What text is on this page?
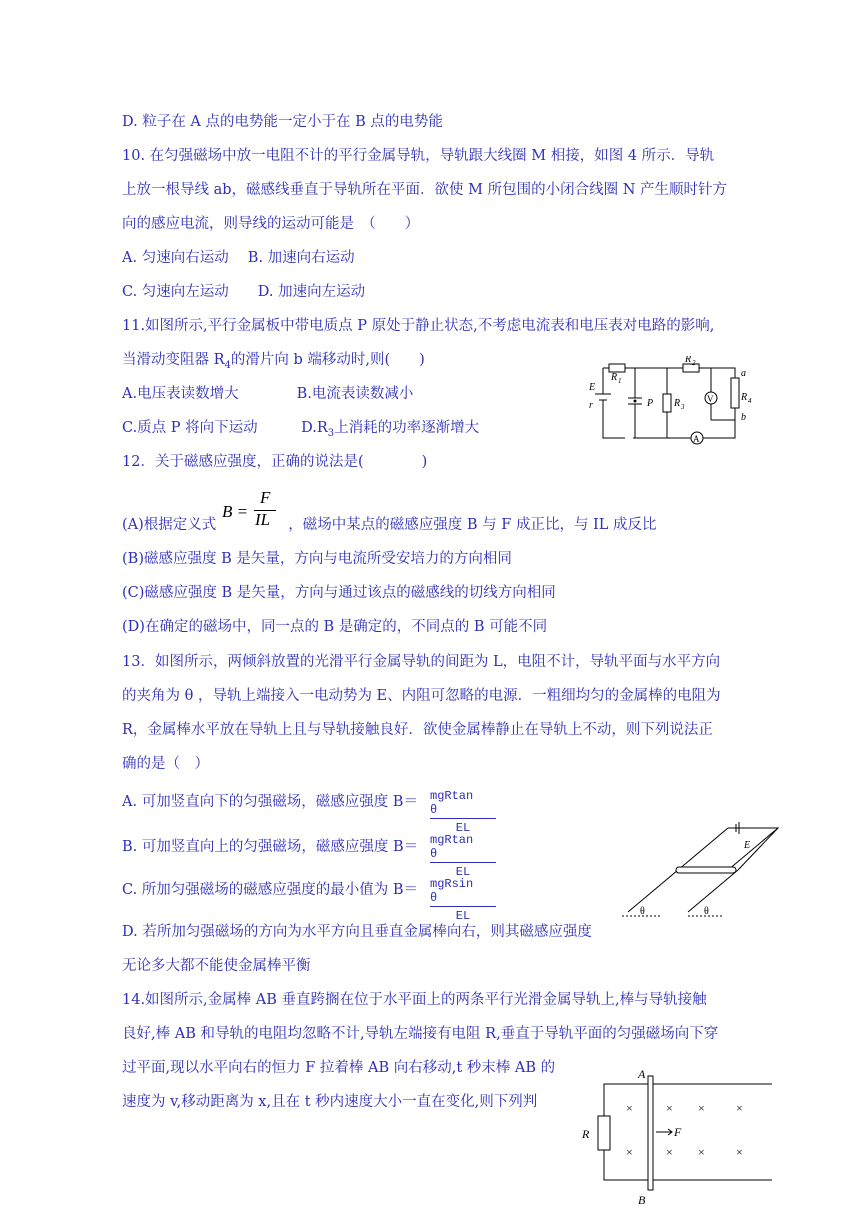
D. 粒子在 A 点的电势能一定小于在 B 点的电势能
10. 在匀强磁场中放一电阻不计的平行金属导轨，导轨跟大线圈 M 相接，如图 4 所示．导轨
上放一根导线 ab，磁感线垂直于导轨所在平面．欲使 M 所包围的小闭合线圈 N 产生顺时针方
向的感应电流，则导线的运动可能是　（　　）
A. 匀速向右运动　 B. 加速向右运动
C. 匀速向左运动　　D. 加速向左运动
11.如图所示,平行金属板中带电质点 P 原处于静止状态,不考虑电流表和电压表对电路的影响,
当滑动变阻器 $R_4$的滑片向 b 端移动时,则(　　)
A.电压表读数增大　　　　B.电流表读数减小
C.质点 P 将向下运动　　　$D.R_3$上消耗的功率逐渐增大
12．关于磁感应强度，正确的说法是(　　　　)
(A)根据定义式	，磁场中某点的磁感应强度 B 与 F 成正比，与 IL 成反比
B =
F
IL
(B)磁感应强度 B 是矢量，方向与电流所受安培力的方向相同
(C)磁感应强度 B 是矢量，方向与通过该点的磁感线的切线方向相同
(D)在确定的磁场中，同一点的 B 是确定的，不同点的 B 可能不同
13．如图所示，两倾斜放置的光滑平行金属导轨的间距为 L，电阻不计，导轨平面与水平方向
的夹角为 θ ，导轨上端接入一电动势为 E、内阻可忽略的电源．一粗细均匀的金属棒的电阻为
R，金属棒水平放在导轨上且与导轨接触良好．欲使金属棒静止在导轨上不动，则下列说法正
确的是（　）
A. 可加竖直向下的匀强磁场，磁感应强度 B＝ mgRtan　θ
EL
B. 可加竖直向上的匀强磁场，磁感应强度 B＝ mgRtan　θ
EL
C. 所加匀强磁场的磁感应强度的最小值为 B＝ mgRsin　θ
EL
D. 若所加匀强磁场的方向为水平方向且垂直金属棒向右，则其磁感应强度
无论多大都不能使金属棒平衡
14.如图所示,金属棒 AB 垂直跨搁在位于水平面上的两条平行光滑金属导轨上,棒与导轨接触
良好,棒 AB 和导轨的电阻均忽略不计,导轨左端接有电阻 R,垂直于导轨平面的匀强磁场向下穿
过平面,现以水平向右的恒力 F 拉着棒 AB 向右移动,t 秒末棒 AB 的
速度为 v,移动距离为 x,且在 t 秒内速度大小一直在变化,则下列判
E
r
R 1
R 2
R 3
R 4
P	V
A
a
b
E
θ	θ
A
B
R	F
×	× ×	×
×	× ×	×
